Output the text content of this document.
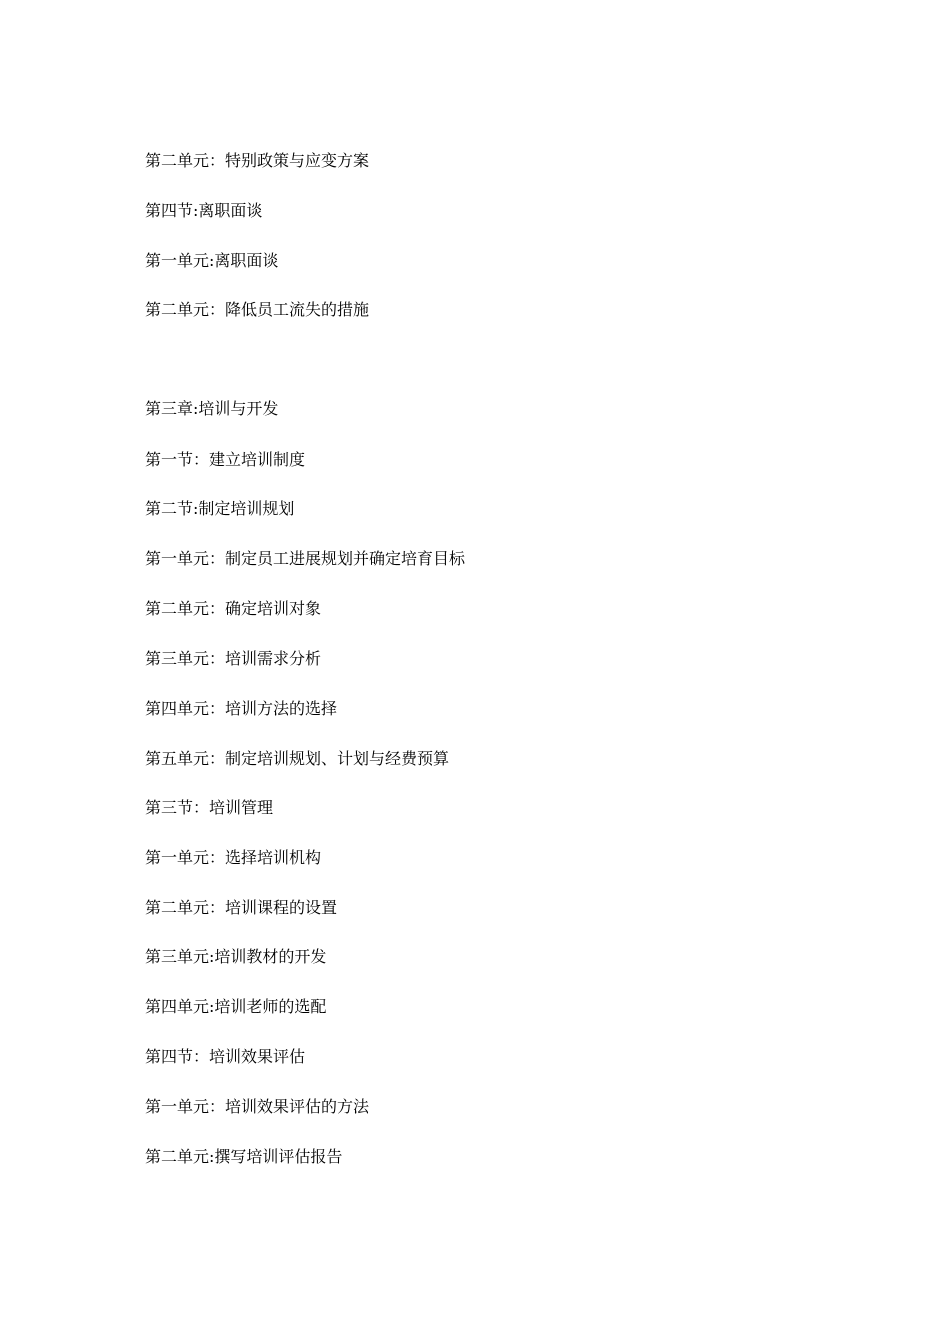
第二单元：特别政策与应变方案
第四节:离职面谈
第一单元:离职面谈
第二单元：降低员工流失的措施
第三章:培训与开发
第一节：建立培训制度
第二节:制定培训规划
第一单元：制定员工进展规划并确定培育目标
第二单元：确定培训对象
第三单元：培训需求分析
第四单元：培训方法的选择
第五单元：制定培训规划、计划与经费预算
第三节：培训管理
第一单元：选择培训机构
第二单元：培训课程的设置
第三单元:培训教材的开发
第四单元:培训老师的选配
第四节：培训效果评估
第一单元：培训效果评估的方法
第二单元:撰写培训评估报告
